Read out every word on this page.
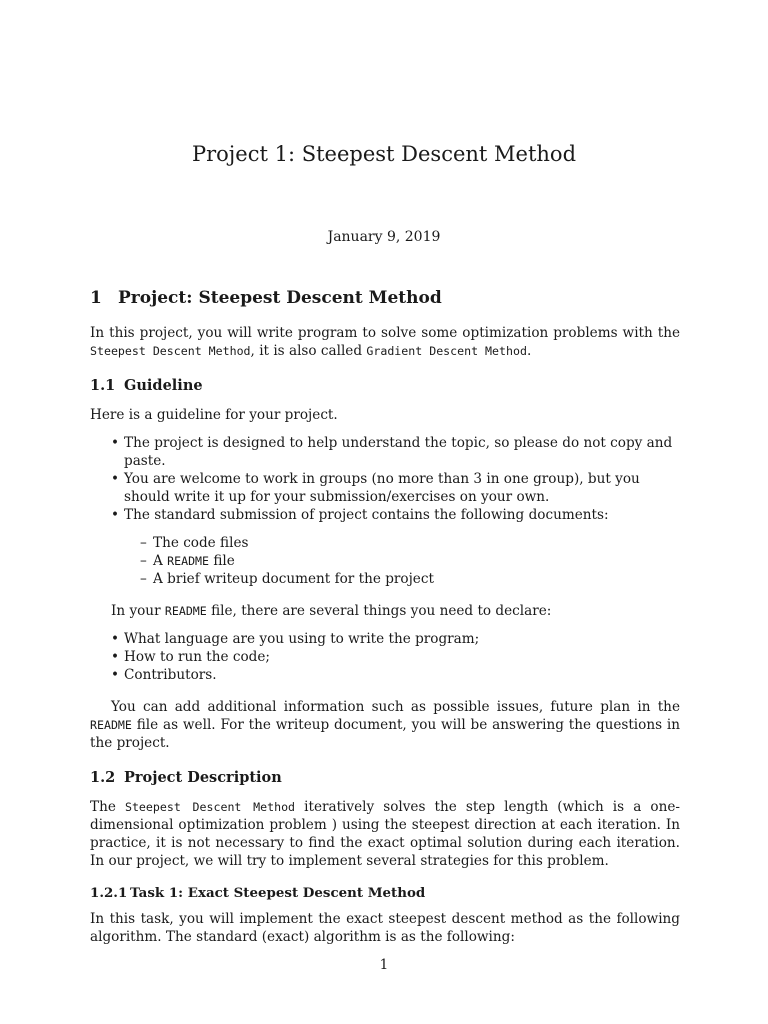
Project 1: Steepest Descent Method
January 9, 2019
1 Project: Steepest Descent Method

In this project, you will write program to solve some optimization problems with the Steepest Descent Method, it is also called Gradient Descent Method.

1.1 Guideline

Here is a guideline for your project.

• The project is designed to help understand the topic, so please do not copy and paste.
• You are welcome to work in groups (no more than 3 in one group), but you should write it up for your submission/exercises on your own.
• The standard submission of project contains the following documents:
– The code files
– A README file
– A brief writeup document for the project

In your README file, there are several things you need to declare:

• What language are you using to write the program;
• How to run the code;
• Contributors.

You can add additional information such as possible issues, future plan in the README file as well. For the writeup document, you will be answering the questions in the project.

1.2 Project Description

The Steepest Descent Method iteratively solves the step length (which is a one-dimensional optimization problem ) using the steepest direction at each iteration. In practice, it is not necessary to find the exact optimal solution during each iteration. In our project, we will try to implement several strategies for this problem.

1.2.1 Task 1: Exact Steepest Descent Method

In this task, you will implement the exact steepest descent method as the following algorithm. The standard (exact) algorithm is as the following:

1
